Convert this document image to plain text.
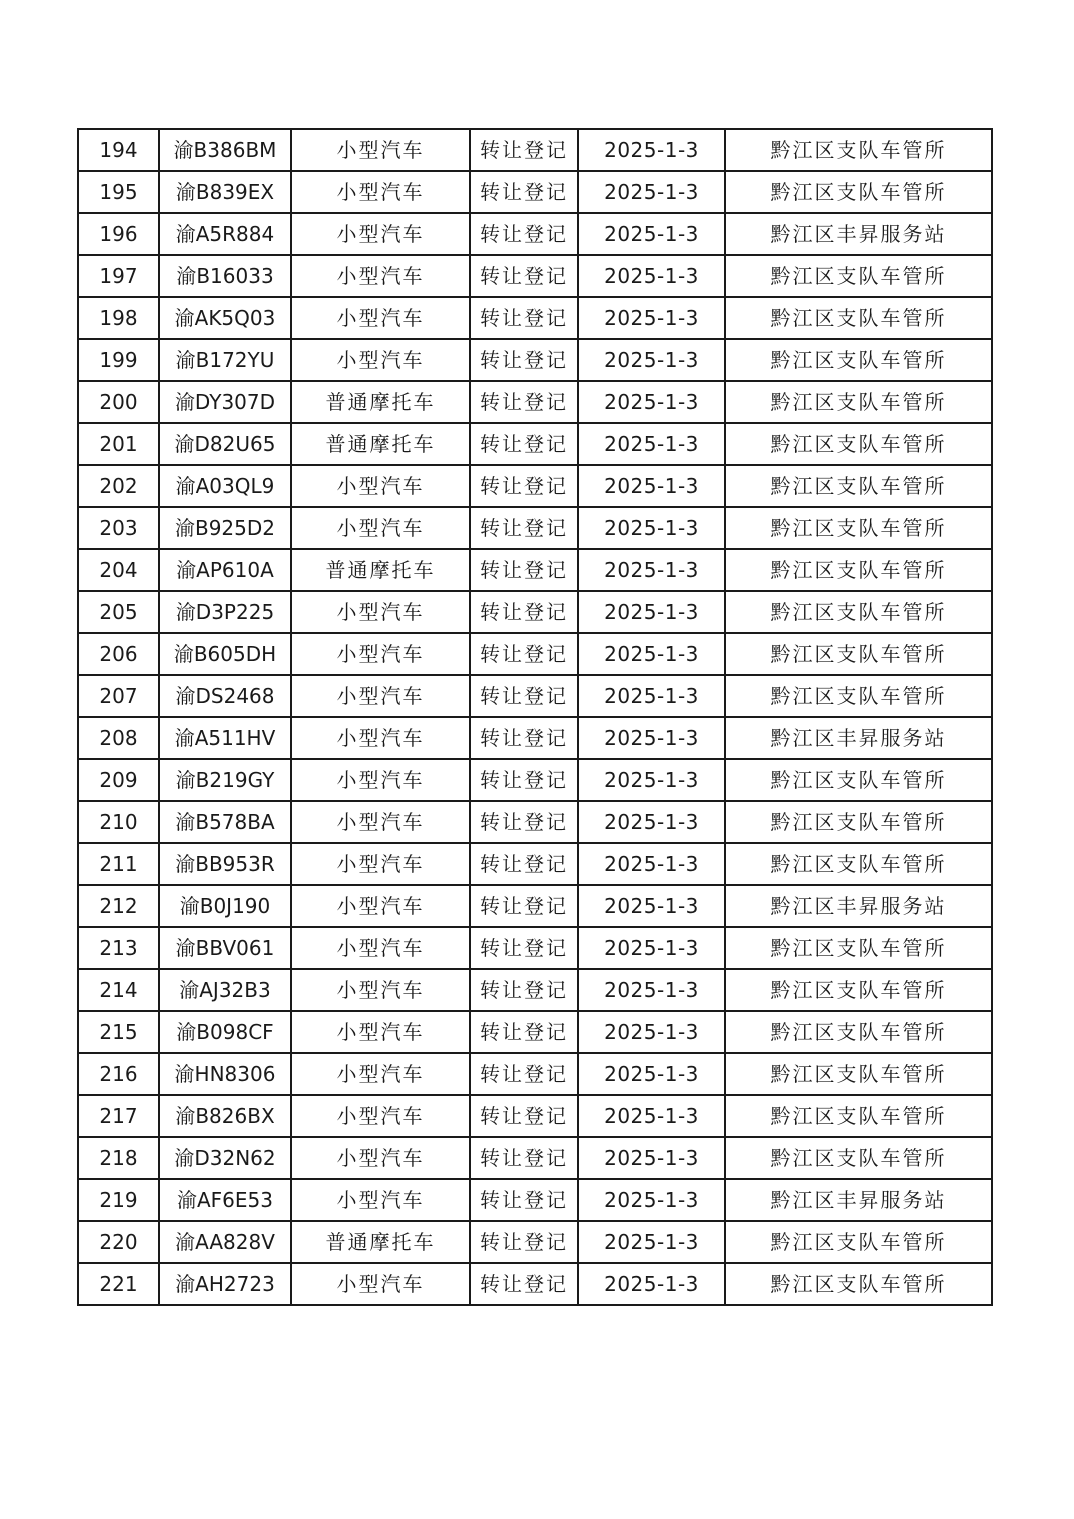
194	渝B386BM	小型汽车	转让登记	2025-1-3	黔江区支队车管所
195	渝B839EX	小型汽车	转让登记	2025-1-3	黔江区支队车管所
196	渝A5R884	小型汽车	转让登记	2025-1-3	黔江区丰昇服务站
197	渝B16033	小型汽车	转让登记	2025-1-3	黔江区支队车管所
198	渝AK5Q03	小型汽车	转让登记	2025-1-3	黔江区支队车管所
199	渝B172YU	小型汽车	转让登记	2025-1-3	黔江区支队车管所
200	渝DY307D	普通摩托车	转让登记	2025-1-3	黔江区支队车管所
201	渝D82U65	普通摩托车	转让登记	2025-1-3	黔江区支队车管所
202	渝A03QL9	小型汽车	转让登记	2025-1-3	黔江区支队车管所
203	渝B925D2	小型汽车	转让登记	2025-1-3	黔江区支队车管所
204	渝AP610A	普通摩托车	转让登记	2025-1-3	黔江区支队车管所
205	渝D3P225	小型汽车	转让登记	2025-1-3	黔江区支队车管所
206	渝B605DH	小型汽车	转让登记	2025-1-3	黔江区支队车管所
207	渝DS2468	小型汽车	转让登记	2025-1-3	黔江区支队车管所
208	渝A511HV	小型汽车	转让登记	2025-1-3	黔江区丰昇服务站
209	渝B219GY	小型汽车	转让登记	2025-1-3	黔江区支队车管所
210	渝B578BA	小型汽车	转让登记	2025-1-3	黔江区支队车管所
211	渝BB953R	小型汽车	转让登记	2025-1-3	黔江区支队车管所
212	渝B0J190	小型汽车	转让登记	2025-1-3	黔江区丰昇服务站
213	渝BBV061	小型汽车	转让登记	2025-1-3	黔江区支队车管所
214	渝AJ32B3	小型汽车	转让登记	2025-1-3	黔江区支队车管所
215	渝B098CF	小型汽车	转让登记	2025-1-3	黔江区支队车管所
216	渝HN8306	小型汽车	转让登记	2025-1-3	黔江区支队车管所
217	渝B826BX	小型汽车	转让登记	2025-1-3	黔江区支队车管所
218	渝D32N62	小型汽车	转让登记	2025-1-3	黔江区支队车管所
219	渝AF6E53	小型汽车	转让登记	2025-1-3	黔江区丰昇服务站
220	渝AA828V	普通摩托车	转让登记	2025-1-3	黔江区支队车管所
221	渝AH2723	小型汽车	转让登记	2025-1-3	黔江区支队车管所
